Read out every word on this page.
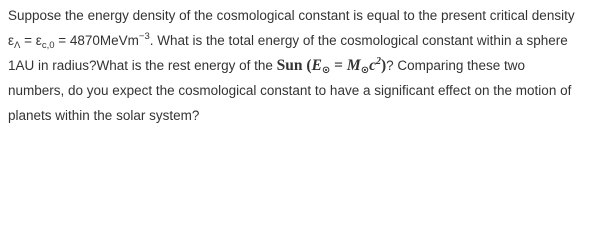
Suppose the energy density of the cosmological constant is equal to the present critical density
$\varepsilon_\Lambda = \varepsilon_{c,0}$ = 4870MeVm$^{-3}$. What is the total energy of the cosmological constant within a sphere
1AU in radius?What is the rest energy of the Sun $(E_⊙ = M_⊙c^2)$? Comparing these two
numbers, do you expect the cosmological constant to have a significant effect on the motion of
planets within the solar system?
